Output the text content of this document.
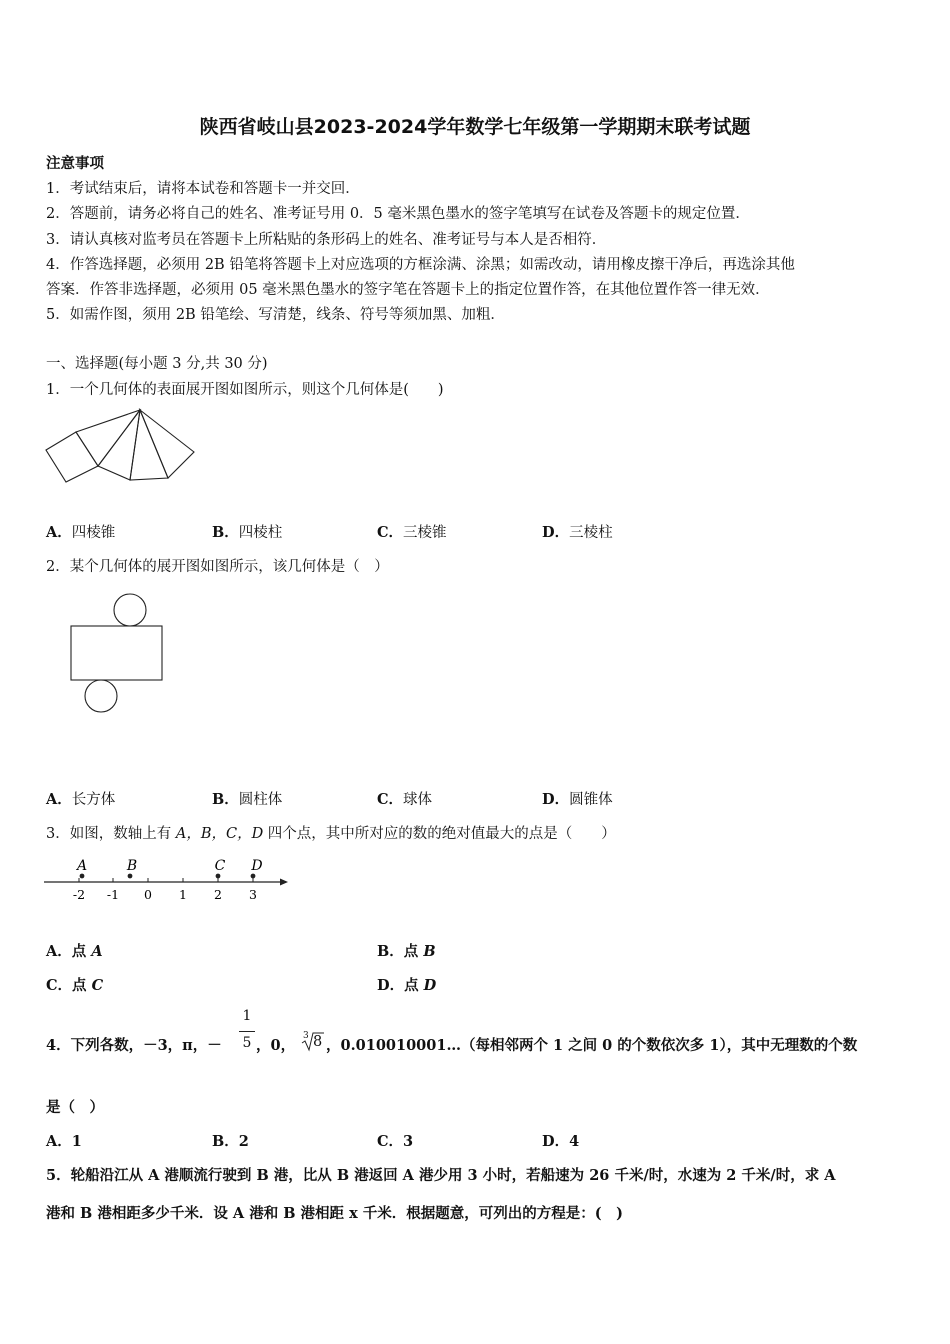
陕西省岐山县2023-2024学年数学七年级第一学期期末联考试题
注意事项
1．考试结束后，请将本试卷和答题卡一并交回．
2．答题前，请务必将自己的姓名、准考证号用 0．5 毫米黑色墨水的签字笔填写在试卷及答题卡的规定位置．
3．请认真核对监考员在答题卡上所粘贴的条形码上的姓名、准考证号与本人是否相符．
4．作答选择题，必须用 2B 铅笔将答题卡上对应选项的方框涂满、涂黑；如需改动，请用橡皮擦干净后，再选涂其他
答案．作答非选择题，必须用 05 毫米黑色墨水的签字笔在答题卡上的指定位置作答，在其他位置作答一律无效．
5．如需作图，须用 2B 铅笔绘、写清楚，线条、符号等须加黑、加粗．
一、选择题(每小题 3 分,共 30 分)
1．一个几何体的表面展开图如图所示，则这个几何体是(　　)
A．四棱锥	B．四棱柱	C．三棱锥	D．三棱柱
2．某个几何体的展开图如图所示，该几何体是（　）
A．长方体	B．圆柱体	C．球体	D．圆锥体
3．如图，数轴上有 A，B，C，D 四个点，其中所对应的数的绝对值最大的点是（　　）
A	B	C D
-2 -1 0 1 2 3
A．点 A	B．点 B
C．点 C	D．点 D
4．下列各数，－3，π，－
1
5 ，0，
3 8 ，0.010010001…（每相邻两个 1 之间 0 的个数依次多 1），其中无理数的个数
是（　）
A．1	B．2	C．3	D．4
5．轮船沿江从 A 港顺流行驶到 B 港，比从 B 港返回 A 港少用 3 小时，若船速为 26 千米/时，水速为 2 千米/时，求 A
港和 B 港相距多少千米．设 A 港和 B 港相距 x 千米．根据题意，可列出的方程是：(　)
